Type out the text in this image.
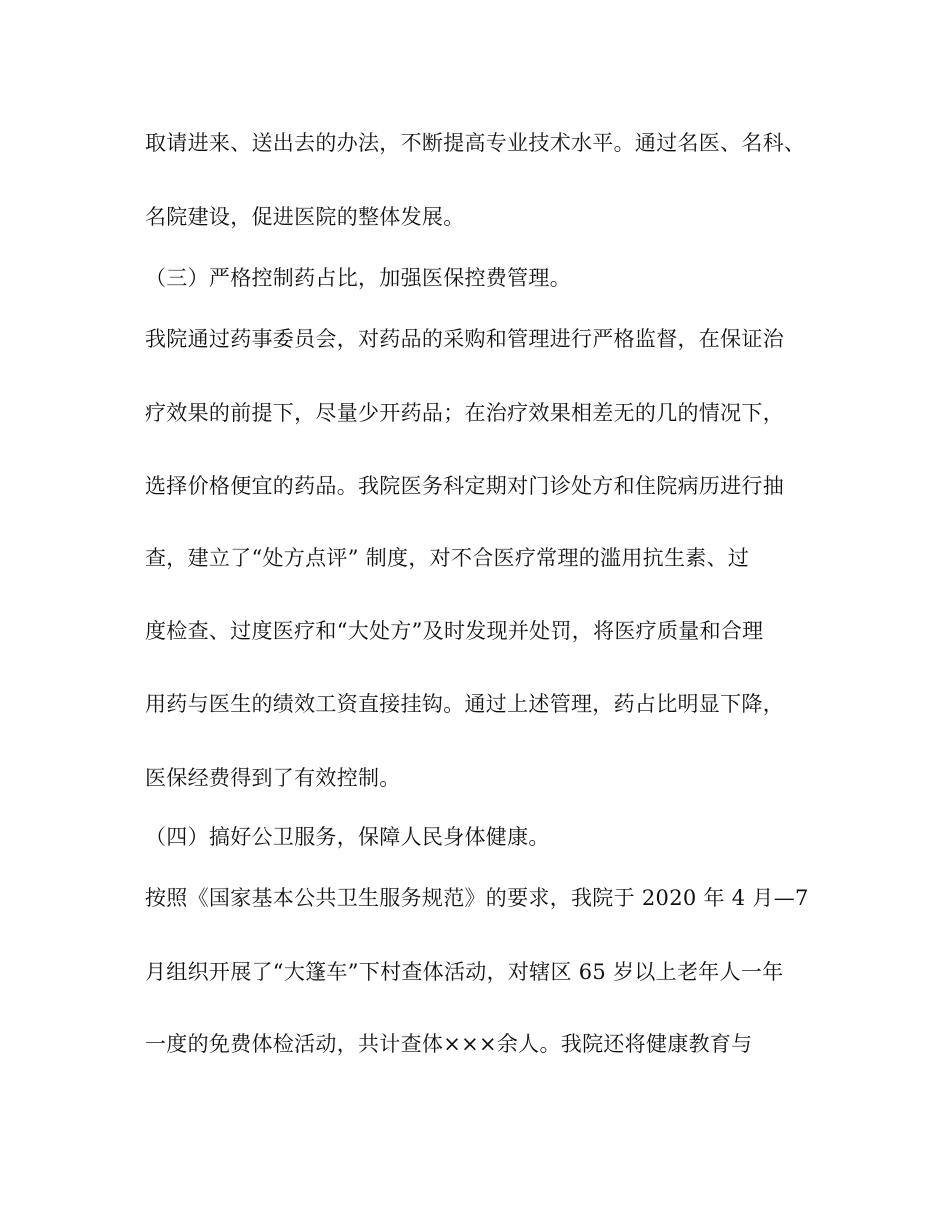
取请进来、送出去的办法，不断提高专业技术水平。通过名医、名科、
名院建设，促进医院的整体发展。
（三）严格控制药占比，加强医保控费管理。
我院通过药事委员会，对药品的采购和管理进行严格监督，在保证治
疗效果的前提下，尽量少开药品；在治疗效果相差无的几的情况下，
选择价格便宜的药品。我院医务科定期对门诊处方和住院病历进行抽
查，建立了“处方点评” 制度，对不合医疗常理的滥用抗生素、过
度检查、过度医疗和“大处方”及时发现并处罚，将医疗质量和合理
用药与医生的绩效工资直接挂钩。通过上述管理，药占比明显下降，
医保经费得到了有效控制。
（四）搞好公卫服务，保障人民身体健康。
按照《国家基本公共卫生服务规范》的要求，我院于 2020 年 4 月—7
月组织开展了“大篷车”下村查体活动，对辖区 65 岁以上老年人一年
一度的免费体检活动，共计查体×××余人。我院还将健康教育与
